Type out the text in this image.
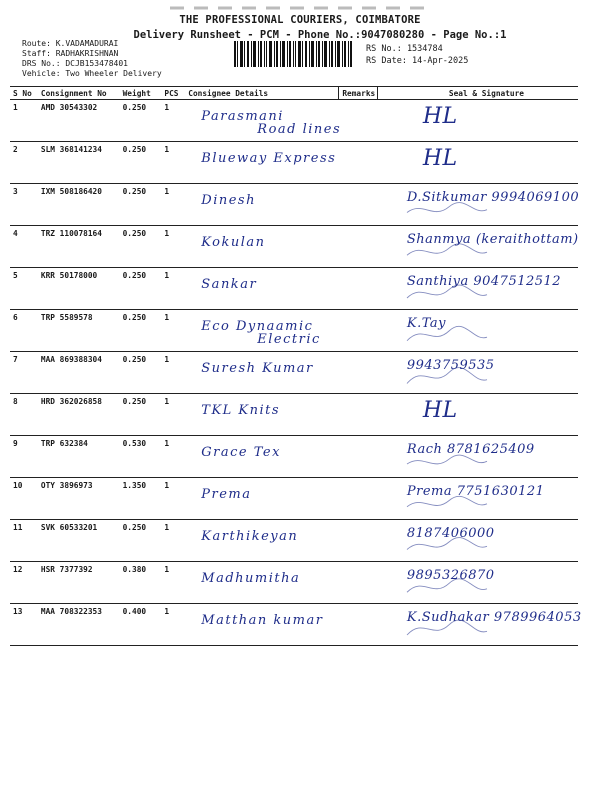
THE PROFESSIONAL COURIERS, COIMBATORE
Delivery Runsheet - PCM - Phone No.:9047080280 - Page No.:1
Route: K.VADAMADURAI
Staff: RADHAKRISHNAN
DRS No.: DCJB153478401
Vehicle: Two Wheeler Delivery
RS No.: 1534784
RS Date: 14-Apr-2025
S No	Consignment No	Weight	PCS	Consignee Details	Remarks	Seal & Signature
1	AMD 30543302	0.250	1	Parasmani
Road lines		HL

2	SLM 368141234	0.250	1	Blueway Express		HL

3	IXM 508186420	0.250	1	Dinesh		D.Sitkumar 9994069100

4	TRZ 110078164	0.250	1	Kokulan		Shanmya (keraithottam)

5	KRR 50178000	0.250	1	Sankar		Santhiya 9047512512

6	TRP 5589578	0.250	1	Eco Dynaamic
Electric		K.Tay

7	MAA 869388304	0.250	1	Suresh Kumar		9943759535

8	HRD 362026858	0.250	1	TKL Knits		HL

9	TRP 632384	0.530	1	Grace Tex		Rach 8781625409

10	OTY 3896973	1.350	1	Prema		Prema 7751630121

11	SVK 60533201	0.250	1	Karthikeyan		8187406000

12	HSR 7377392	0.380	1	Madhumitha		9895326870

13	MAA 708322353	0.400	1	Matthan kumar		K.Sudhakar 9789964053
